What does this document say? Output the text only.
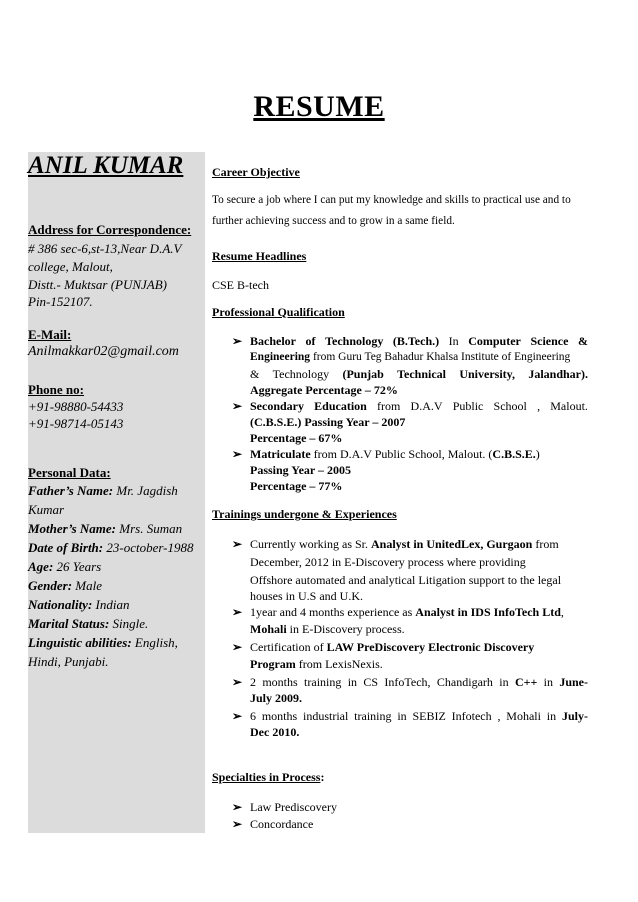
RESUME
ANIL KUMAR
Address for Correspondence:
# 386 sec-6,st-13,Near D.A.V
college, Malout,
Distt.- Muktsar (PUNJAB)
Pin-152107.
E-Mail:
Anilmakkar02@gmail.com
Phone no:
+91-98880-54433
+91-98714-05143
Personal Data:
Father’s Name: Mr. Jagdish
Kumar
Mother’s Name: Mrs. Suman
Date of Birth: 23-october-1988
Age: 26 Years
Gender: Male
Nationality: Indian
Marital Status: Single.
Linguistic abilities: English,
Hindi, Punjabi.
Career Objective
To secure a job where I can put my knowledge and skills to practical use and to
further achieving success and to grow in a same field.
Resume Headlines
CSE B-tech
Professional Qualification
➢ Bachelor of Technology (B.Tech.) In Computer Science &
Engineering from Guru Teg Bahadur Khalsa Institute of Engineering
& Technology (Punjab Technical University, Jalandhar).
Aggregate Percentage – 72%
➢ Secondary Education from D.A.V Public School , Malout.
(C.B.S.E.) Passing Year – 2007
Percentage – 67%
➢ Matriculate from D.A.V Public School, Malout. (C.B.S.E.)
Passing Year – 2005
Percentage – 77%
Trainings undergone & Experiences
➢ Currently working as Sr. Analyst in UnitedLex, Gurgaon from
December, 2012 in E-Discovery process where providing
Offshore automated and analytical Litigation support to the legal
houses in U.S and U.K.
➢ 1year and 4 months experience as Analyst in IDS InfoTech Ltd,
Mohali in E-Discovery process.
➢ Certification of LAW PreDiscovery Electronic Discovery
Program from LexisNexis.
➢ 2 months training in CS InfoTech, Chandigarh in C++ in June-
July 2009.
➢ 6 months industrial training in SEBIZ Infotech , Mohali in July-
Dec 2010.
Specialties in Process:
➢ Law Prediscovery
➢ Concordance
